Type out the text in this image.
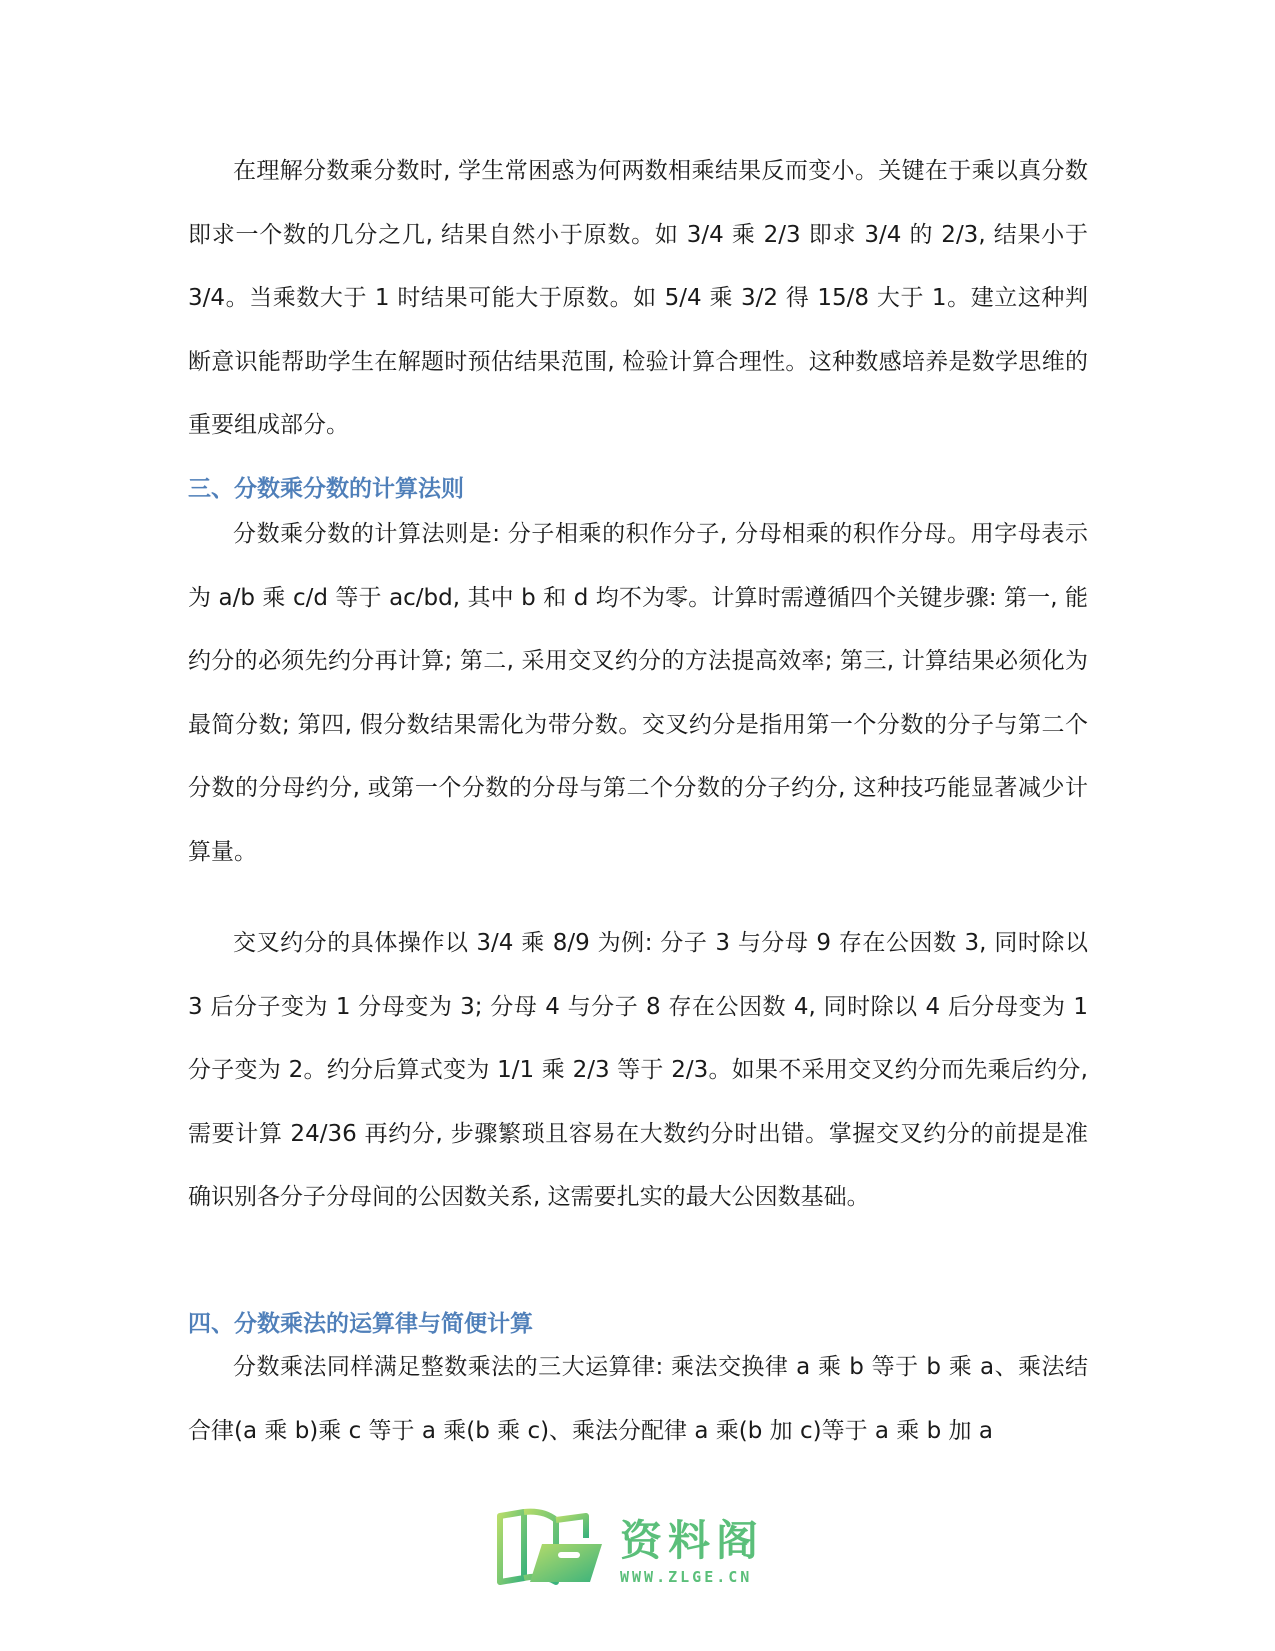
在理解分数乘分数时, 学生常困惑为何两数相乘结果反而变小。关键在于乘以真分数即求一个数的几分之几, 结果自然小于原数。如 3/4 乘 2/3 即求 3/4 的 2/3, 结果小于 3/4。当乘数大于 1 时结果可能大于原数。如 5/4 乘 3/2 得 15/8 大于 1。建立这种判断意识能帮助学生在解题时预估结果范围, 检验计算合理性。这种数感培养是数学思维的重要组成部分。

三、分数乘分数的计算法则

分数乘分数的计算法则是: 分子相乘的积作分子, 分母相乘的积作分母。用字母表示为 a/b 乘 c/d 等于 ac/bd, 其中 b 和 d 均不为零。计算时需遵循四个关键步骤: 第一, 能约分的必须先约分再计算; 第二, 采用交叉约分的方法提高效率; 第三, 计算结果必须化为最简分数; 第四, 假分数结果需化为带分数。交叉约分是指用第一个分数的分子与第二个分数的分母约分, 或第一个分数的分母与第二个分数的分子约分, 这种技巧能显著减少计算量。

交叉约分的具体操作以 3/4 乘 8/9 为例: 分子 3 与分母 9 存在公因数 3, 同时除以 3 后分子变为 1 分母变为 3; 分母 4 与分子 8 存在公因数 4, 同时除以 4 后分母变为 1 分子变为 2。约分后算式变为 1/1 乘 2/3 等于 2/3。如果不采用交叉约分而先乘后约分, 需要计算 24/36 再约分, 步骤繁琐且容易在大数约分时出错。掌握交叉约分的前提是准确识别各分子分母间的公因数关系, 这需要扎实的最大公因数基础。

四、分数乘法的运算律与简便计算

分数乘法同样满足整数乘法的三大运算律: 乘法交换律 a 乘 b 等于 b 乘 a、乘法结合律(a 乘 b)乘 c 等于 a 乘(b 乘 c)、乘法分配律 a 乘(b 加 c)等于 a 乘 b 加 a

资料阁
WWW.ZLGE.CN
